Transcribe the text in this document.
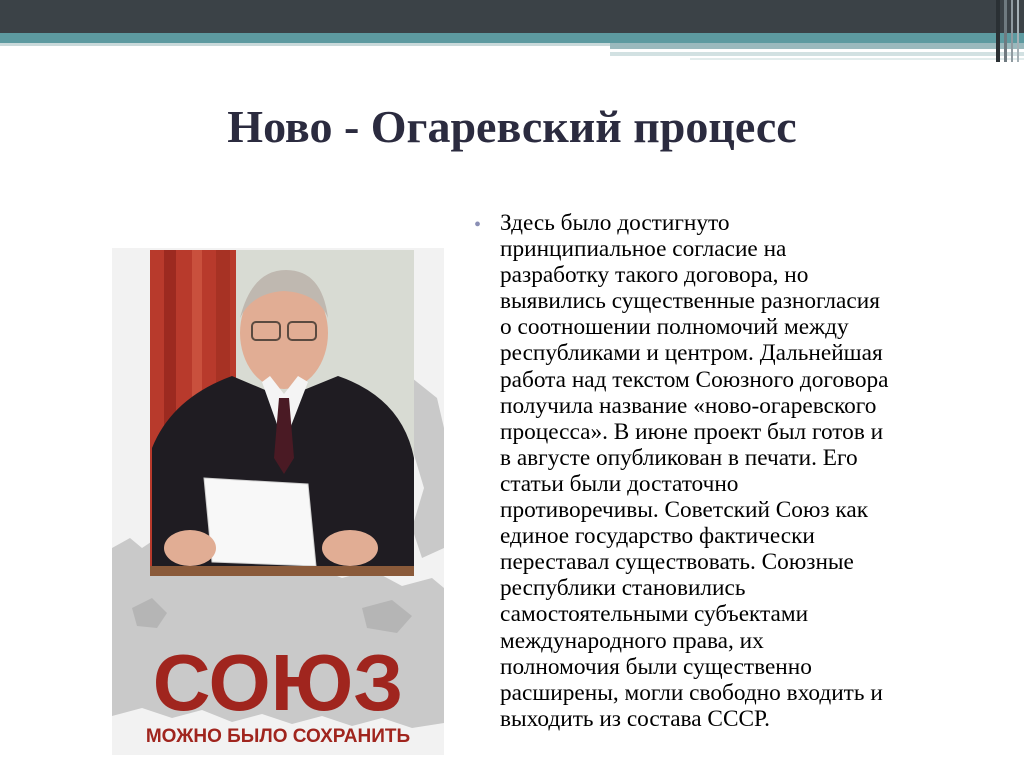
Ново - Огаревский процесс
СОЮЗ
МОЖНО БЫЛО СОХРАНИТЬ
• Здесь было достигнуто
принципиальное согласие на
разработку такого договора, но
выявились существенные разногласия
о соотношении полномочий между
республиками и центром. Дальнейшая
работа над текстом Союзного договора
получила название «ново-огаревского
процесса». В июне проект был готов и
в августе опубликован в печати. Его
статьи были достаточно
противоречивы. Советский Союз как
единое государство фактически
переставал существовать. Союзные
республики становились
самостоятельными субъектами
международного права, их
полномочия были существенно
расширены, могли свободно входить и
выходить из состава СССР.
